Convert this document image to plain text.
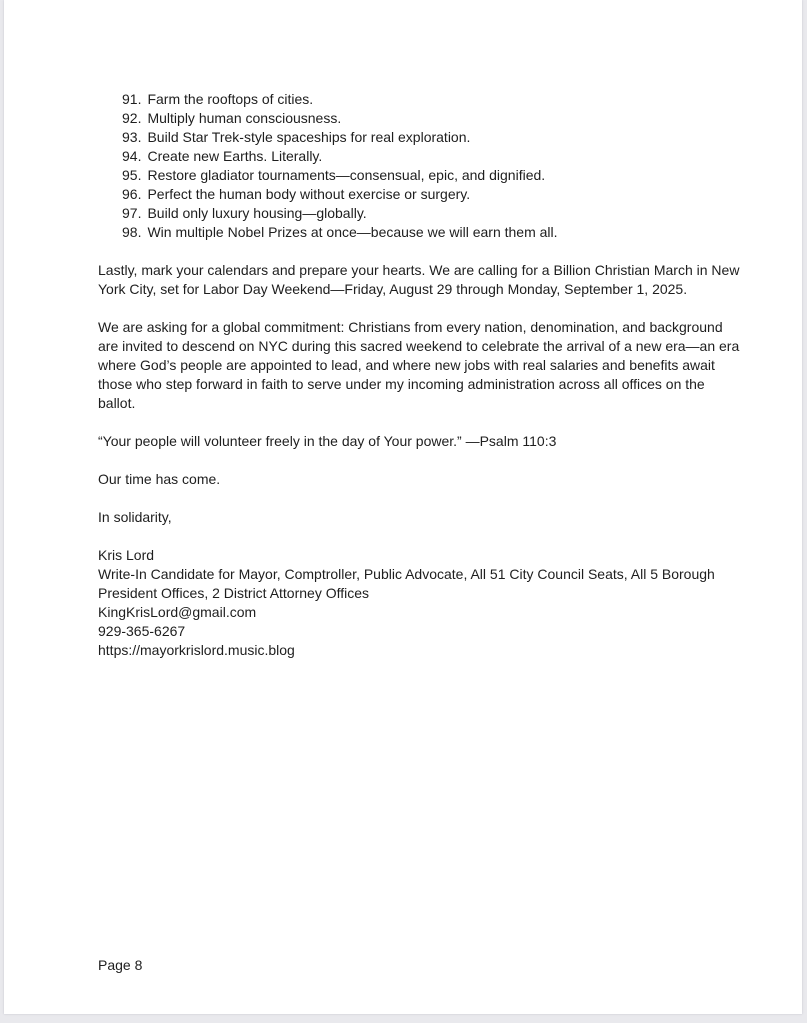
91. Farm the rooftops of cities.
92. Multiply human consciousness.
93. Build Star Trek-style spaceships for real exploration.
94. Create new Earths. Literally.
95. Restore gladiator tournaments—consensual, epic, and dignified.
96. Perfect the human body without exercise or surgery.
97. Build only luxury housing—globally.
98. Win multiple Nobel Prizes at once—because we will earn them all.

Lastly, mark your calendars and prepare your hearts. We are calling for a Billion Christian March in New York City, set for Labor Day Weekend—Friday, August 29 through Monday, September 1, 2025.

We are asking for a global commitment: Christians from every nation, denomination, and background are invited to descend on NYC during this sacred weekend to celebrate the arrival of a new era—an era where God’s people are appointed to lead, and where new jobs with real salaries and benefits await those who step forward in faith to serve under my incoming administration across all offices on the ballot.

“Your people will volunteer freely in the day of Your power.” —Psalm 110:3

Our time has come.

In solidarity,

Kris Lord
Write-In Candidate for Mayor, Comptroller, Public Advocate, All 51 City Council Seats, All 5 Borough President Offices, 2 District Attorney Offices
KingKrisLord@gmail.com
929-365-6267
https://mayorkrislord.music.blog
Page 8
